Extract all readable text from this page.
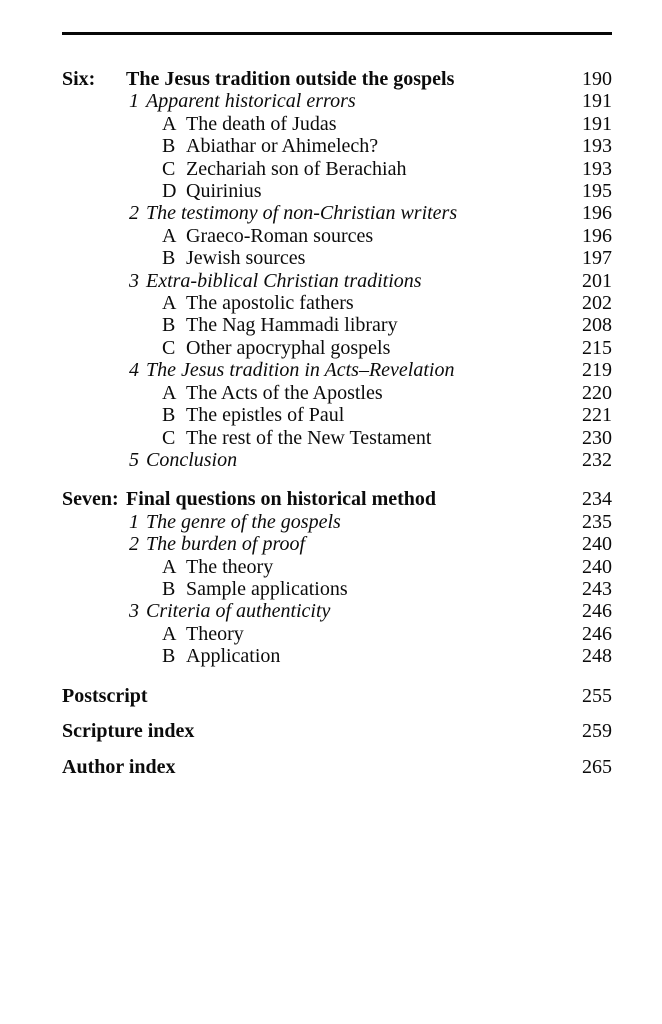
Six: The Jesus tradition outside the gospels	190
1 Apparent historical errors	191
A The death of Judas	191
B Abiathar or Ahimelech?	193
C Zechariah son of Berachiah	193
D Quirinius	195
2 The testimony of non-Christian writers	196
A Graeco-Roman sources	196
B Jewish sources	197
3 Extra-biblical Christian traditions	201
A The apostolic fathers	202
B The Nag Hammadi library	208
C Other apocryphal gospels	215
4 The Jesus tradition in Acts–Revelation	219
A The Acts of the Apostles	220
B The epistles of Paul	221
C The rest of the New Testament	230
5 Conclusion	232
Seven: Final questions on historical method	234
1 The genre of the gospels	235
2 The burden of proof	240
A The theory	240
B Sample applications	243
3 Criteria of authenticity	246
A Theory	246
B Application	248
Postscript	255
Scripture index	259
Author index	265
